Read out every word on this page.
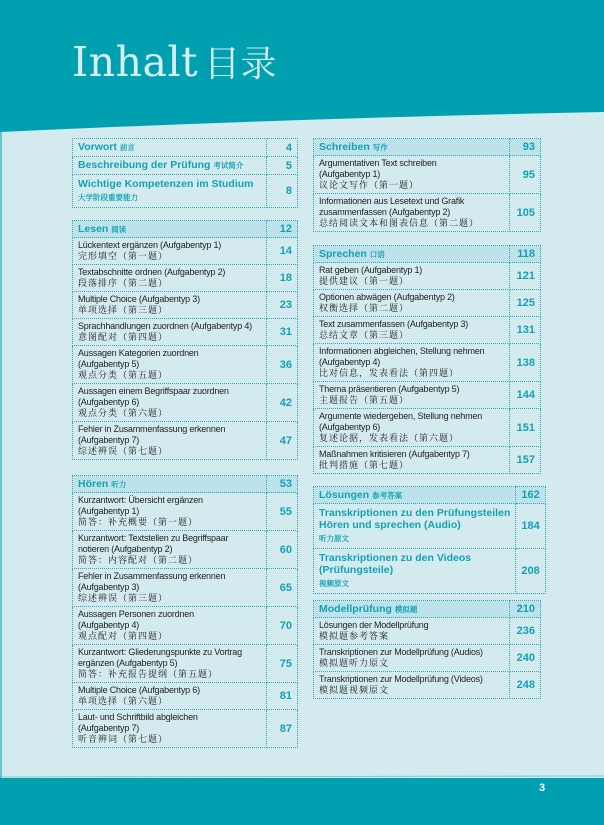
Inhalt 目录
Vorwort 前言	4
Beschreibung der Prüfung 考试简介	5

Wichtige Kompetenzen im Studium
大学阶段重要能力	8
Lesen 阅读	12

Lückentext ergänzen (Aufgabentyp 1)
完形填空（第一题）	14

Textabschnitte ordnen (Aufgabentyp 2)
段落排序（第二题）	18

Multiple Choice (Aufgabentyp 3)
单项选择（第三题）	23

Sprachhandlungen zuordnen (Aufgabentyp 4)
意图配对（第四题）	31

Aussagen Kategorien zuordnen
(Aufgabentyp 5)
观点分类（第五题）	36

Aussagen einem Begriffspaar zuordnen
(Aufgabentyp 6)
观点分类（第六题）	42

Fehler in Zusammenfassung erkennen
(Aufgabentyp 7)
综述辨误（第七题）	47
Hören 听力	53

Kurzantwort: Übersicht ergänzen
(Aufgabentyp 1)
简答：补充概要（第一题）	55

Kurzantwort: Textstellen zu Begriffspaar
notieren (Aufgabentyp 2)
简答：内容配对（第二题）	60

Fehler in Zusammenfassung erkennen
(Aufgabentyp 3)
综述辨误（第三题）	65

Aussagen Personen zuordnen
(Aufgabentyp 4)
观点配对（第四题）	70

Kurzantwort: Gliederungspunkte zu Vortrag
ergänzen (Aufgabentyp 5)
简答：补充报告提纲（第五题）	75

Multiple Choice (Aufgabentyp 6)
单项选择（第六题）	81

Laut- und Schriftbild abgleichen
(Aufgabentyp 7)
听音辨词（第七题）	87
Schreiben 写作	93

Argumentativen Text schreiben
(Aufgabentyp 1)
议论文写作（第一题）	95

Informationen aus Lesetext und Grafik
zusammenfassen (Aufgabentyp 2)
总结阅读文本和图表信息（第二题）	105
Sprechen 口语	118

Rat geben (Aufgabentyp 1)
提供建议（第一题）	121

Optionen abwägen (Aufgabentyp 2)
权衡选择（第二题）	125

Text zusammenfassen (Aufgabentyp 3)
总结文章（第三题）	131

Informationen abgleichen, Stellung nehmen
(Aufgabentyp 4)
比对信息，发表看法（第四题）	138

Thema präsentieren (Aufgabentyp 5)
主题报告（第五题）	144

Argumente wiedergeben, Stellung nehmen
(Aufgabentyp 6)
复述论据，发表看法（第六题）	151

Maßnahmen kritisieren (Aufgabentyp 7)
批判措施（第七题）	157
Lösungen 参考答案	162

Transkriptionen zu den Prüfungsteilen
Hören und sprechen (Audio)
听力原文	184

Transkriptionen zu den Videos
(Prüfungsteile)
视频原文	208
Modellprüfung 模拟题	210

Lösungen der Modellprüfung
模拟题参考答案	236

Transkriptionen zur Modellprüfung (Audios)
模拟题听力原文	240

Transkriptionen zur Modellprüfung (Videos)
模拟题视频原文	248
3
